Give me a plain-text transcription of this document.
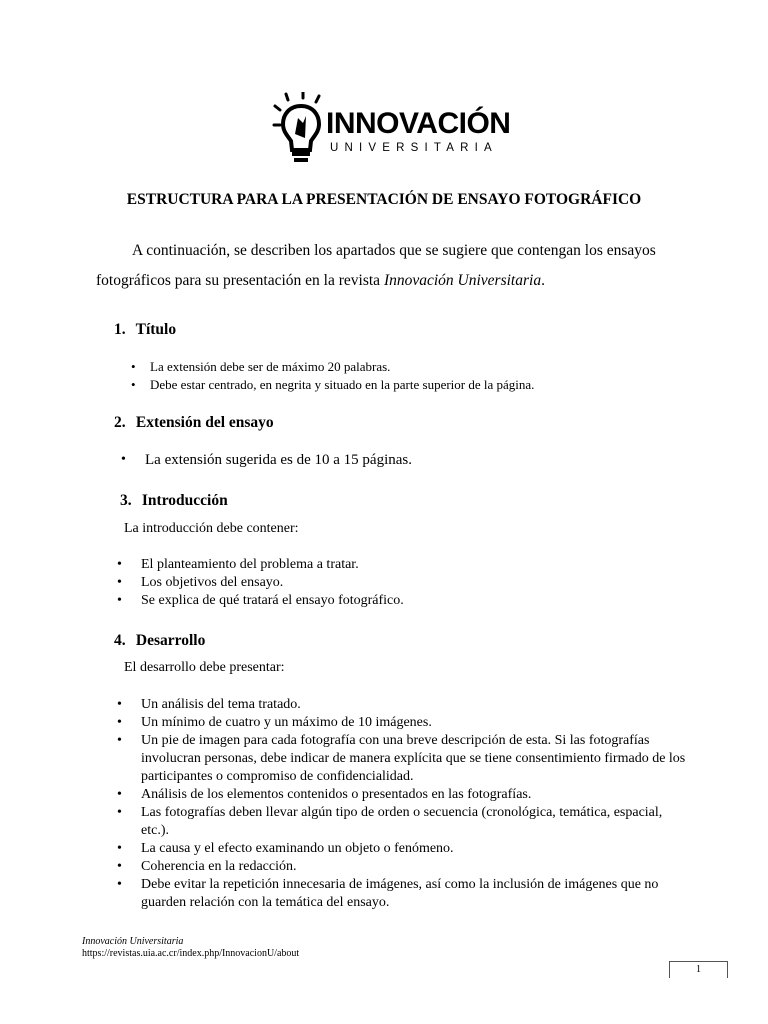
INNOVACIÓN
UNIVERSITARIA
ESTRUCTURA PARA LA PRESENTACIÓN DE ENSAYO FOTOGRÁFICO
A continuación, se describen los apartados que se sugiere que contengan los ensayos
fotográficos para su presentación en la revista Innovación Universitaria.
1. Título
• La extensión debe ser de máximo 20 palabras.
• Debe estar centrado, en negrita y situado en la parte superior de la página.
2. Extensión del ensayo
• La extensión sugerida es de 10 a 15 páginas.
3. Introducción
La introducción debe contener:
• El planteamiento del problema a tratar.
• Los objetivos del ensayo.
• Se explica de qué tratará el ensayo fotográfico.
4. Desarrollo
El desarrollo debe presentar:
• Un análisis del tema tratado.
• Un mínimo de cuatro y un máximo de 10 imágenes.
• Un pie de imagen para cada fotografía con una breve descripción de esta. Si las fotografías involucran personas, debe indicar de manera explícita que se tiene consentimiento firmado de los participantes o compromiso de confidencialidad.
• Análisis de los elementos contenidos o presentados en las fotografías.
• Las fotografías deben llevar algún tipo de orden o secuencia (cronológica, temática, espacial, etc.).
• La causa y el efecto examinando un objeto o fenómeno.
• Coherencia en la redacción.
• Debe evitar la repetición innecesaria de imágenes, así como la inclusión de imágenes que no guarden relación con la temática del ensayo.
Innovación Universitaria
https://revistas.uia.ac.cr/index.php/InnovacionU/about
1
